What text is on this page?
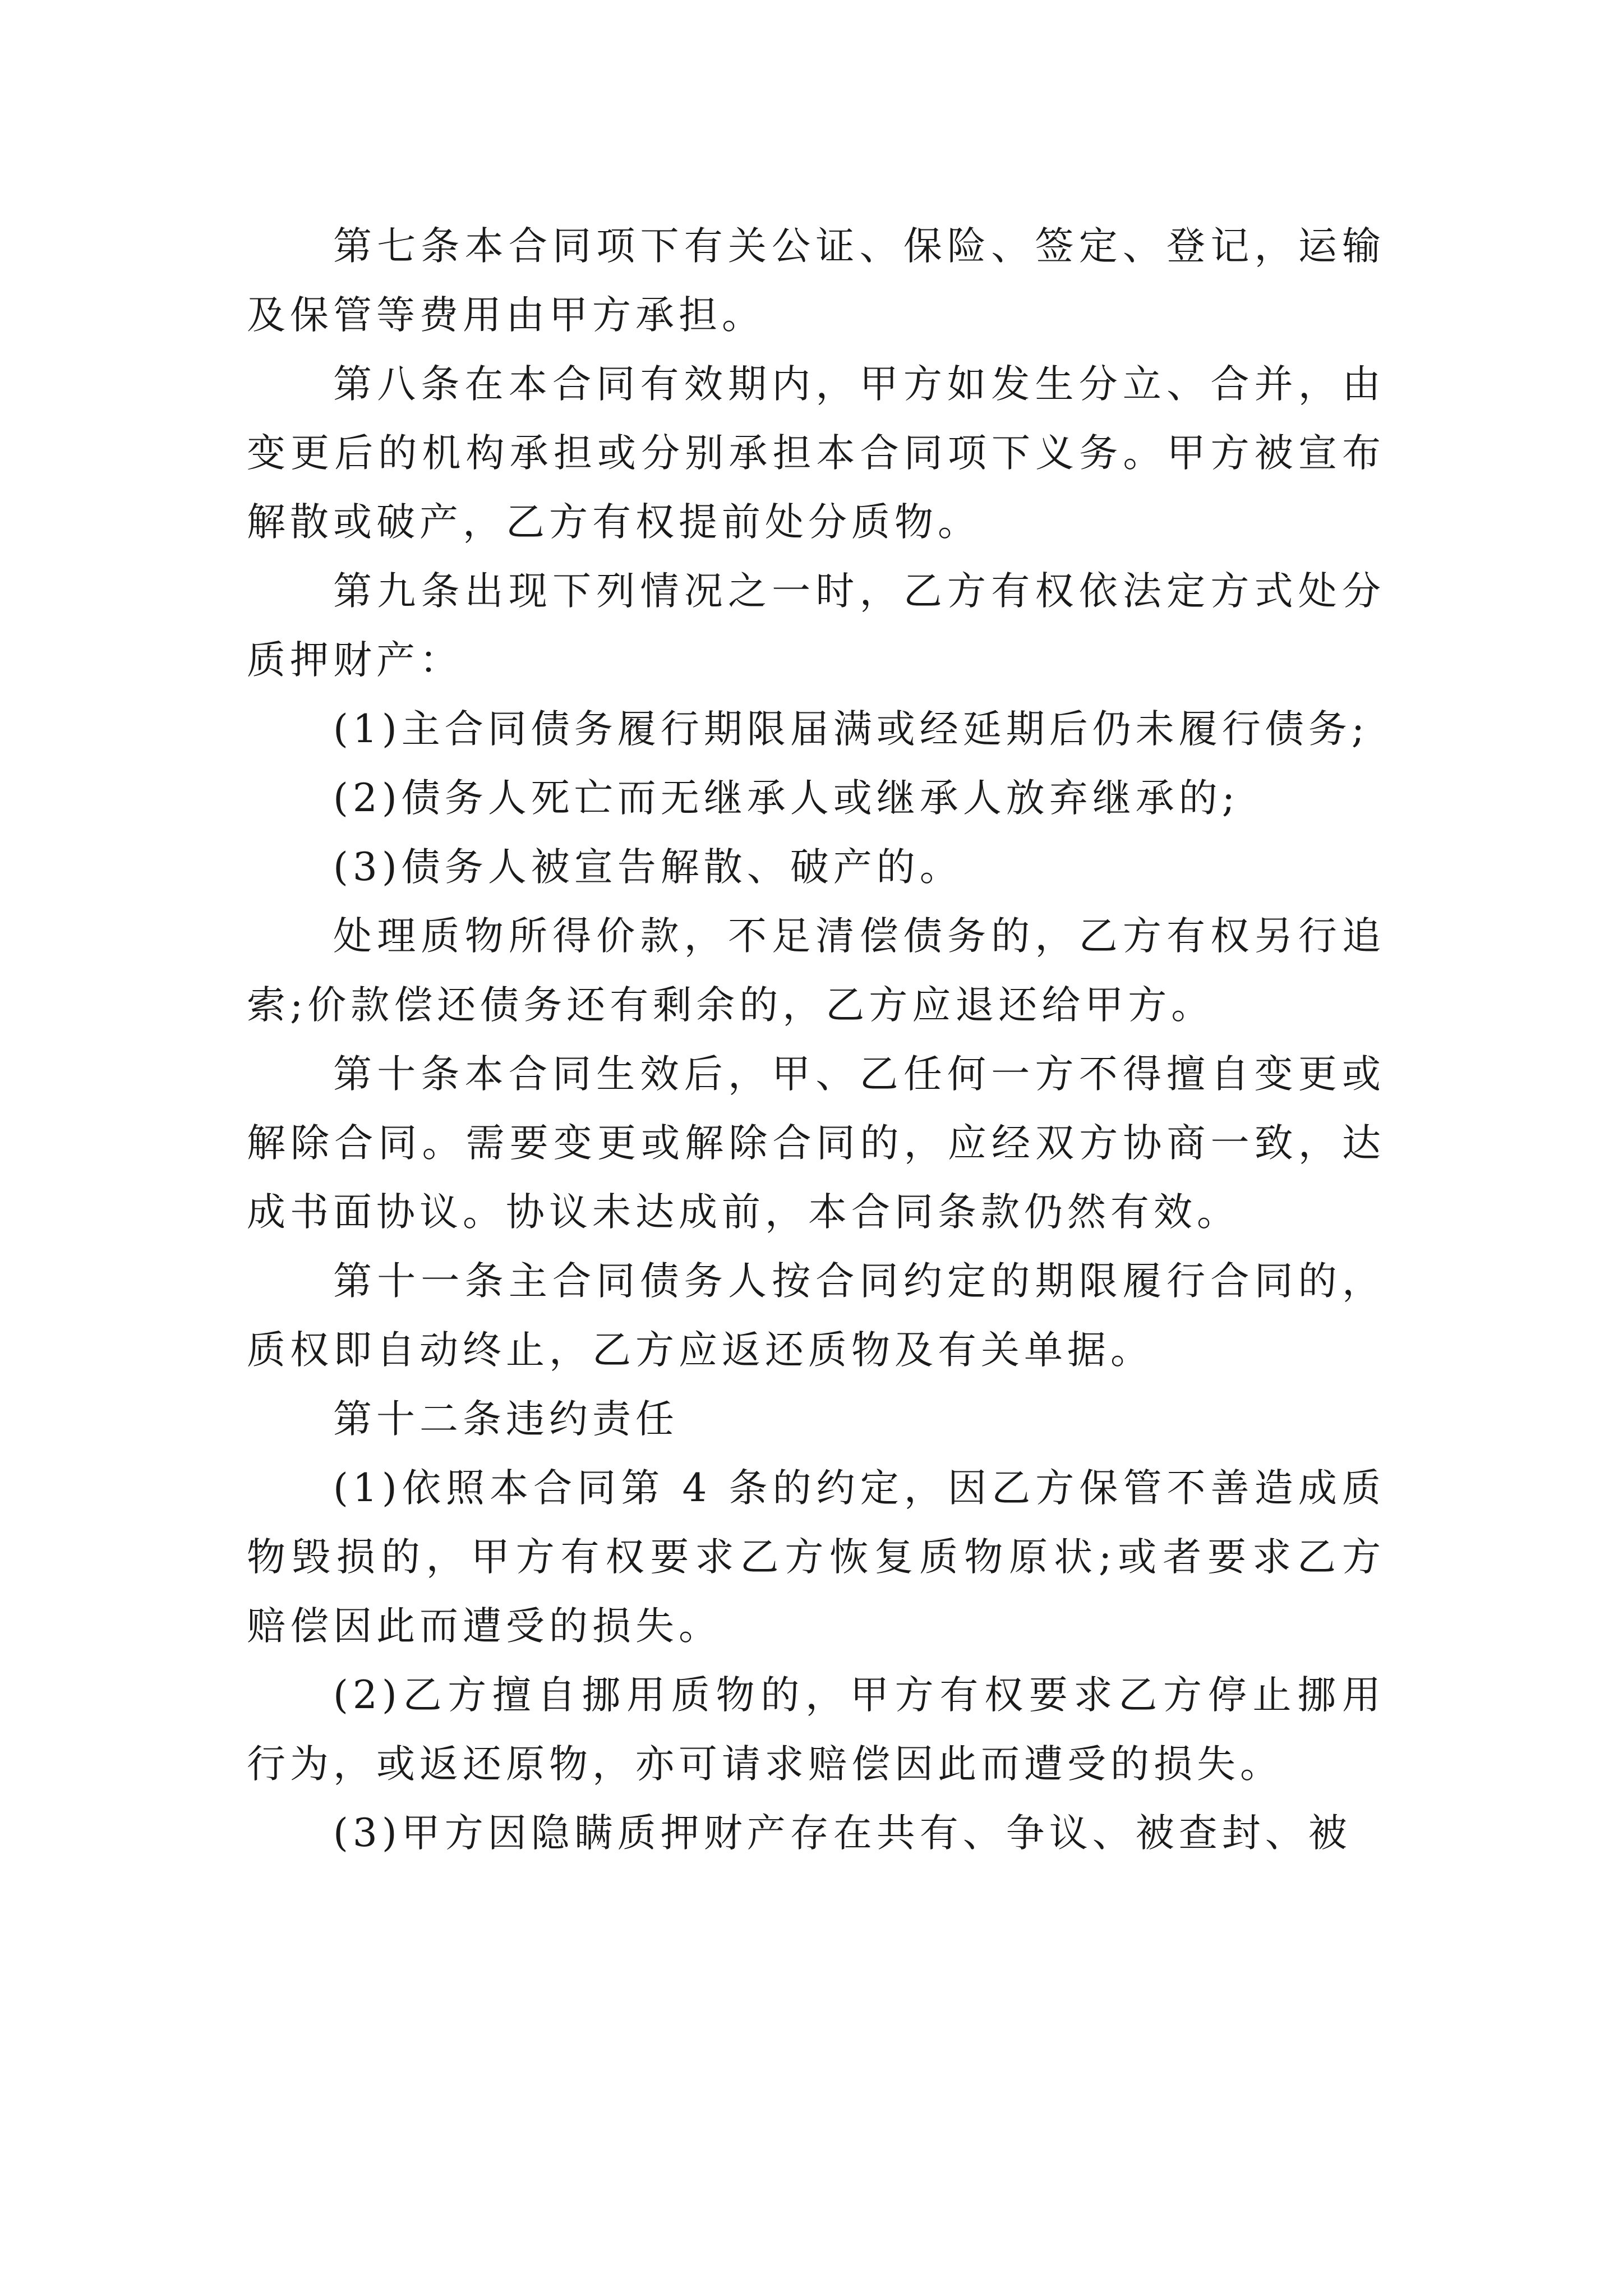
第七条本合同项下有关公证、保险、签定、登记，运输及保管等费用由甲方承担。

第八条在本合同有效期内，甲方如发生分立、合并，由变更后的机构承担或分别承担本合同项下义务。甲方被宣布解散或破产，乙方有权提前处分质物。

第九条出现下列情况之一时，乙方有权依法定方式处分质押财产：

(1)主合同债务履行期限届满或经延期后仍未履行债务;

(2)债务人死亡而无继承人或继承人放弃继承的;

(3)债务人被宣告解散、破产的。

处理质物所得价款，不足清偿债务的，乙方有权另行追索;价款偿还债务还有剩余的，乙方应退还给甲方。

第十条本合同生效后，甲、乙任何一方不得擅自变更或解除合同。需要变更或解除合同的，应经双方协商一致，达成书面协议。协议未达成前，本合同条款仍然有效。

第十一条主合同债务人按合同约定的期限履行合同的，质权即自动终止，乙方应返还质物及有关单据。

第十二条违约责任

(1)依照本合同第 4 条的约定，因乙方保管不善造成质物毁损的，甲方有权要求乙方恢复质物原状;或者要求乙方赔偿因此而遭受的损失。

(2)乙方擅自挪用质物的，甲方有权要求乙方停止挪用行为，或返还原物，亦可请求赔偿因此而遭受的损失。

(3)甲方因隐瞒质押财产存在共有、争议、被查封、被
